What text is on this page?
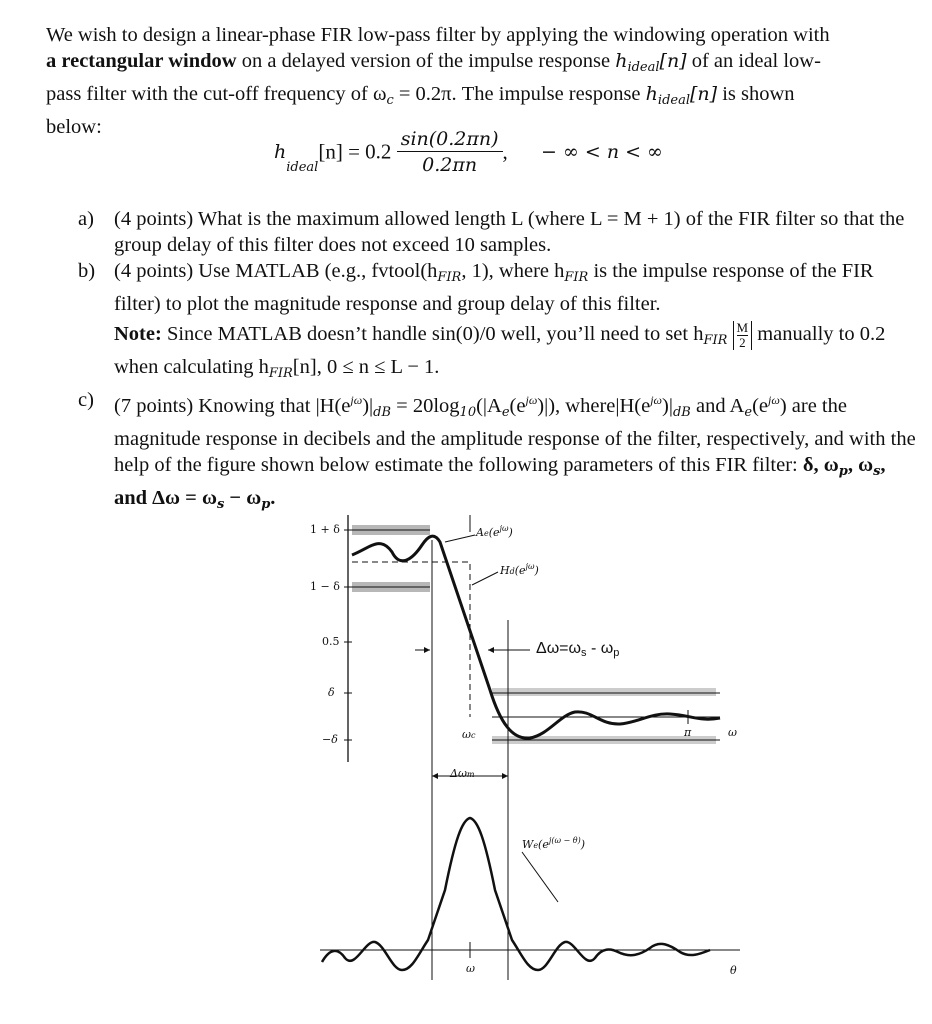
We wish to design a linear-phase FIR low-pass filter by applying the windowing operation with
a rectangular window on a delayed version of the impulse response $h_{ideal}[n]$ of an ideal low-
pass filter with the cut-off frequency of $\omega_c = 0.2\pi$. The impulse response $h_{ideal}[n]$ is shown
below:
$h_{ideal}[n] = 0.2 \frac{\sin(0.2\pi n)}{0.2\pi n}$ , − ∞ < n < ∞
a) (4 points) What is the maximum allowed length L (where L = M + 1) of the FIR filter so that the group delay of this filter does not exceed 10 samples.
b) (4 points) Use MATLAB (e.g., $fvtool(h_{FIR}$, 1), where $h_{FIR}$ is the impulse response of the FIR filter) to plot the magnitude response and group delay of this filter.
Note: Since MATLAB doesn’t handle sin(0)/0 well, you’ll need to set $h_{FIR} \frac{M}{2}$ manually to 0.2 when calculating $h_{FIR}[n]$, 0 ≤ n ≤ L − 1.
c) (7 points) Knowing that $|H(e^{j\omega})|_{dB} = 20\log_{10}(|A_e(e^{j\omega})|)$, $where|H(e^{j\omega})|_{dB}$ and $A_e(e^{j\omega})$ are the magnitude response in decibels and the amplitude response of the filter, respectively, and with the help of the figure shown below estimate the following parameters of this FIR filter: δ, $\omega_p$, $\omega_s$, and $\Delta\omega = \omega_s - \omega_p$.
1 + δ
1 − δ
0.5
δ
−δ
$Ae(e^{j\omega})$
$Hd(e^{j\omega})$
Δω=ωs - ωp
ωc	π	ω
Δωm
$We(e^{j(\omega - \theta)})$
ω	θ
